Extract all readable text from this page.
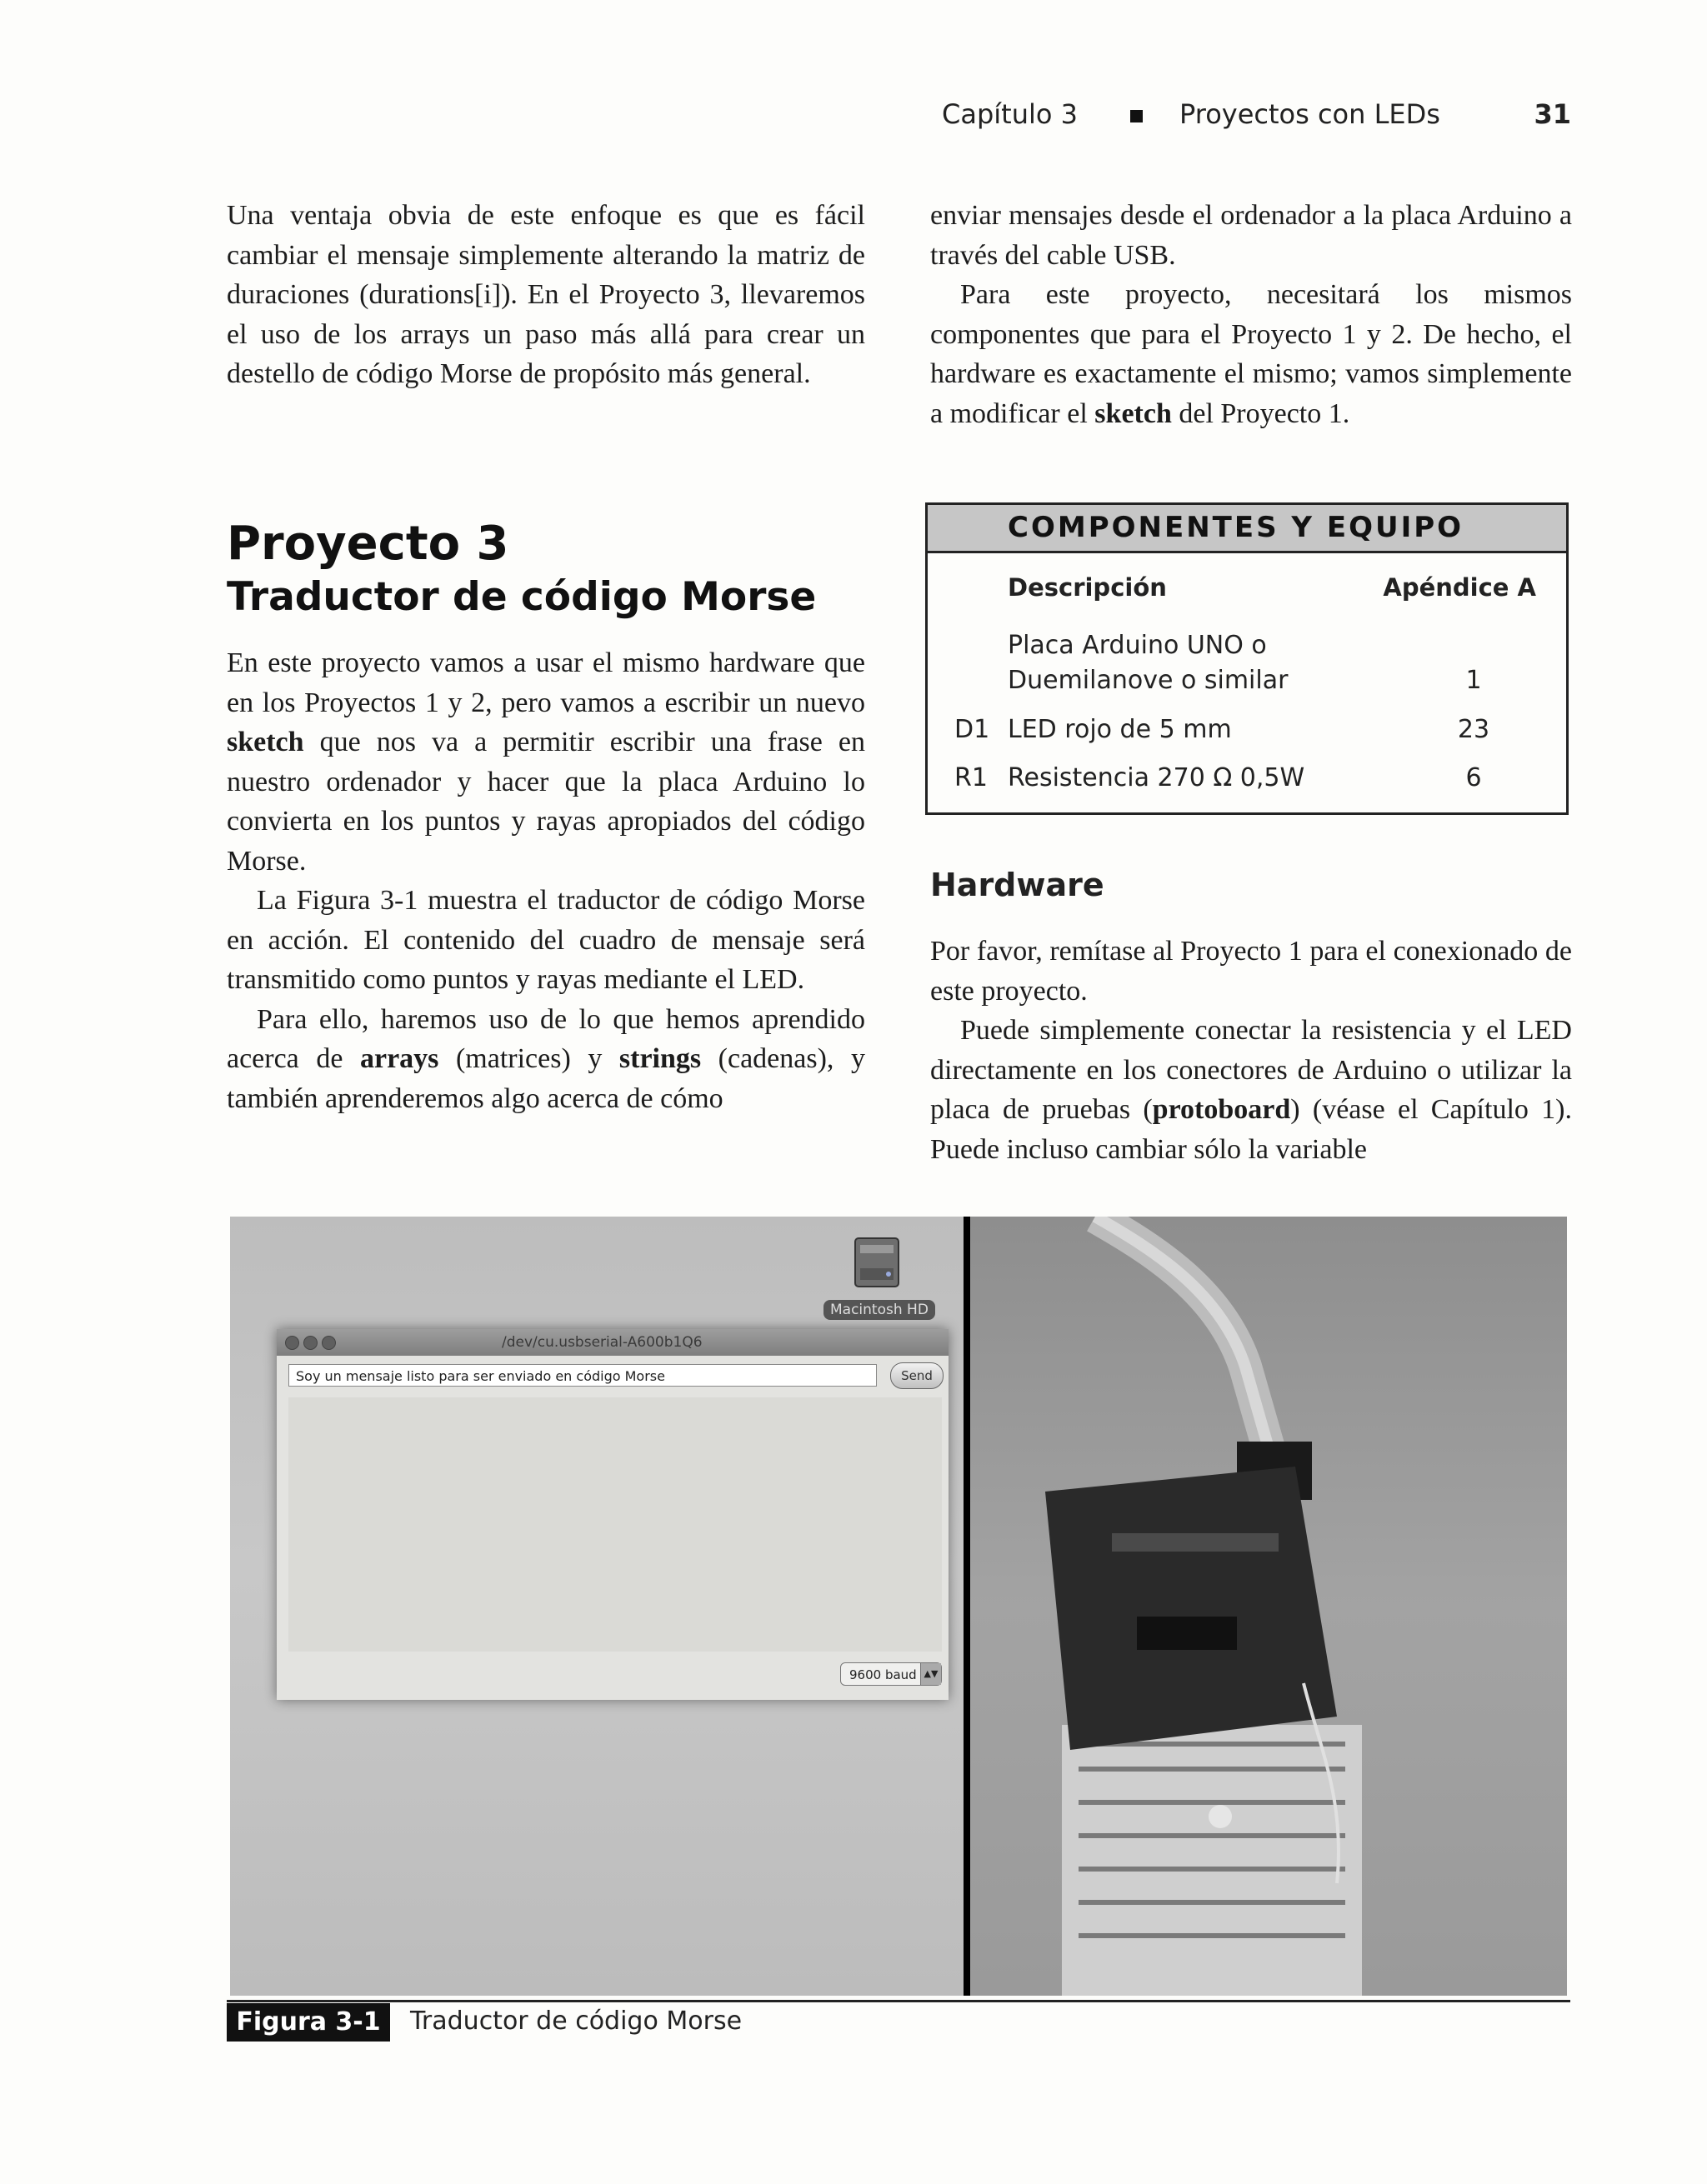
Capítulo 3	Proyectos con LEDs	31

Una ventaja obvia de este enfoque es que es fácil cambiar el mensaje simplemente alterando la matriz de duraciones (durations[i]). En el Proyecto 3, llevaremos el uso de los arrays un paso más allá para crear un destello de código Morse de propósito más general.

Proyecto 3
Traductor de código Morse

En este proyecto vamos a usar el mismo hardware que en los Proyectos 1 y 2, pero vamos a escribir un nuevo sketch que nos va a permitir escribir una frase en nuestro ordenador y hacer que la placa Arduino lo convierta en los puntos y rayas apropiados del código Morse.

La Figura 3-1 muestra el traductor de código Morse en acción. El contenido del cuadro de mensaje será transmitido como puntos y rayas mediante el LED.

Para ello, haremos uso de lo que hemos aprendido acerca de arrays (matrices) y strings (cadenas), y también aprenderemos algo acerca de cómo

enviar mensajes desde el ordenador a la placa Arduino a través del cable USB.

Para este proyecto, necesitará los mismos componentes que para el Proyecto 1 y 2. De hecho, el hardware es exactamente el mismo; vamos simplemente a modificar el sketch del Proyecto 1.

COMPONENTES Y EQUIPO
Descripción	Apéndice A
Placa Arduino UNO o Duemilanove o similar	1
D1 LED rojo de 5 mm	23
R1 Resistencia 270 Ω 0,5W	6
Hardware

Por favor, remítase al Proyecto 1 para el conexionado de este proyecto.

Puede simplemente conectar la resistencia y el LED directamente en los conectores de Arduino o utilizar la placa de pruebas (protoboard) (véase el Capítulo 1). Puede incluso cambiar sólo la variable

Macintosh HD
/dev/cu.usbserial-A600b1Q6
Soy un mensaje listo para ser enviado en código Morse	Send
9600 baud ▲▼
Figura 3-1	Traductor de código Morse
